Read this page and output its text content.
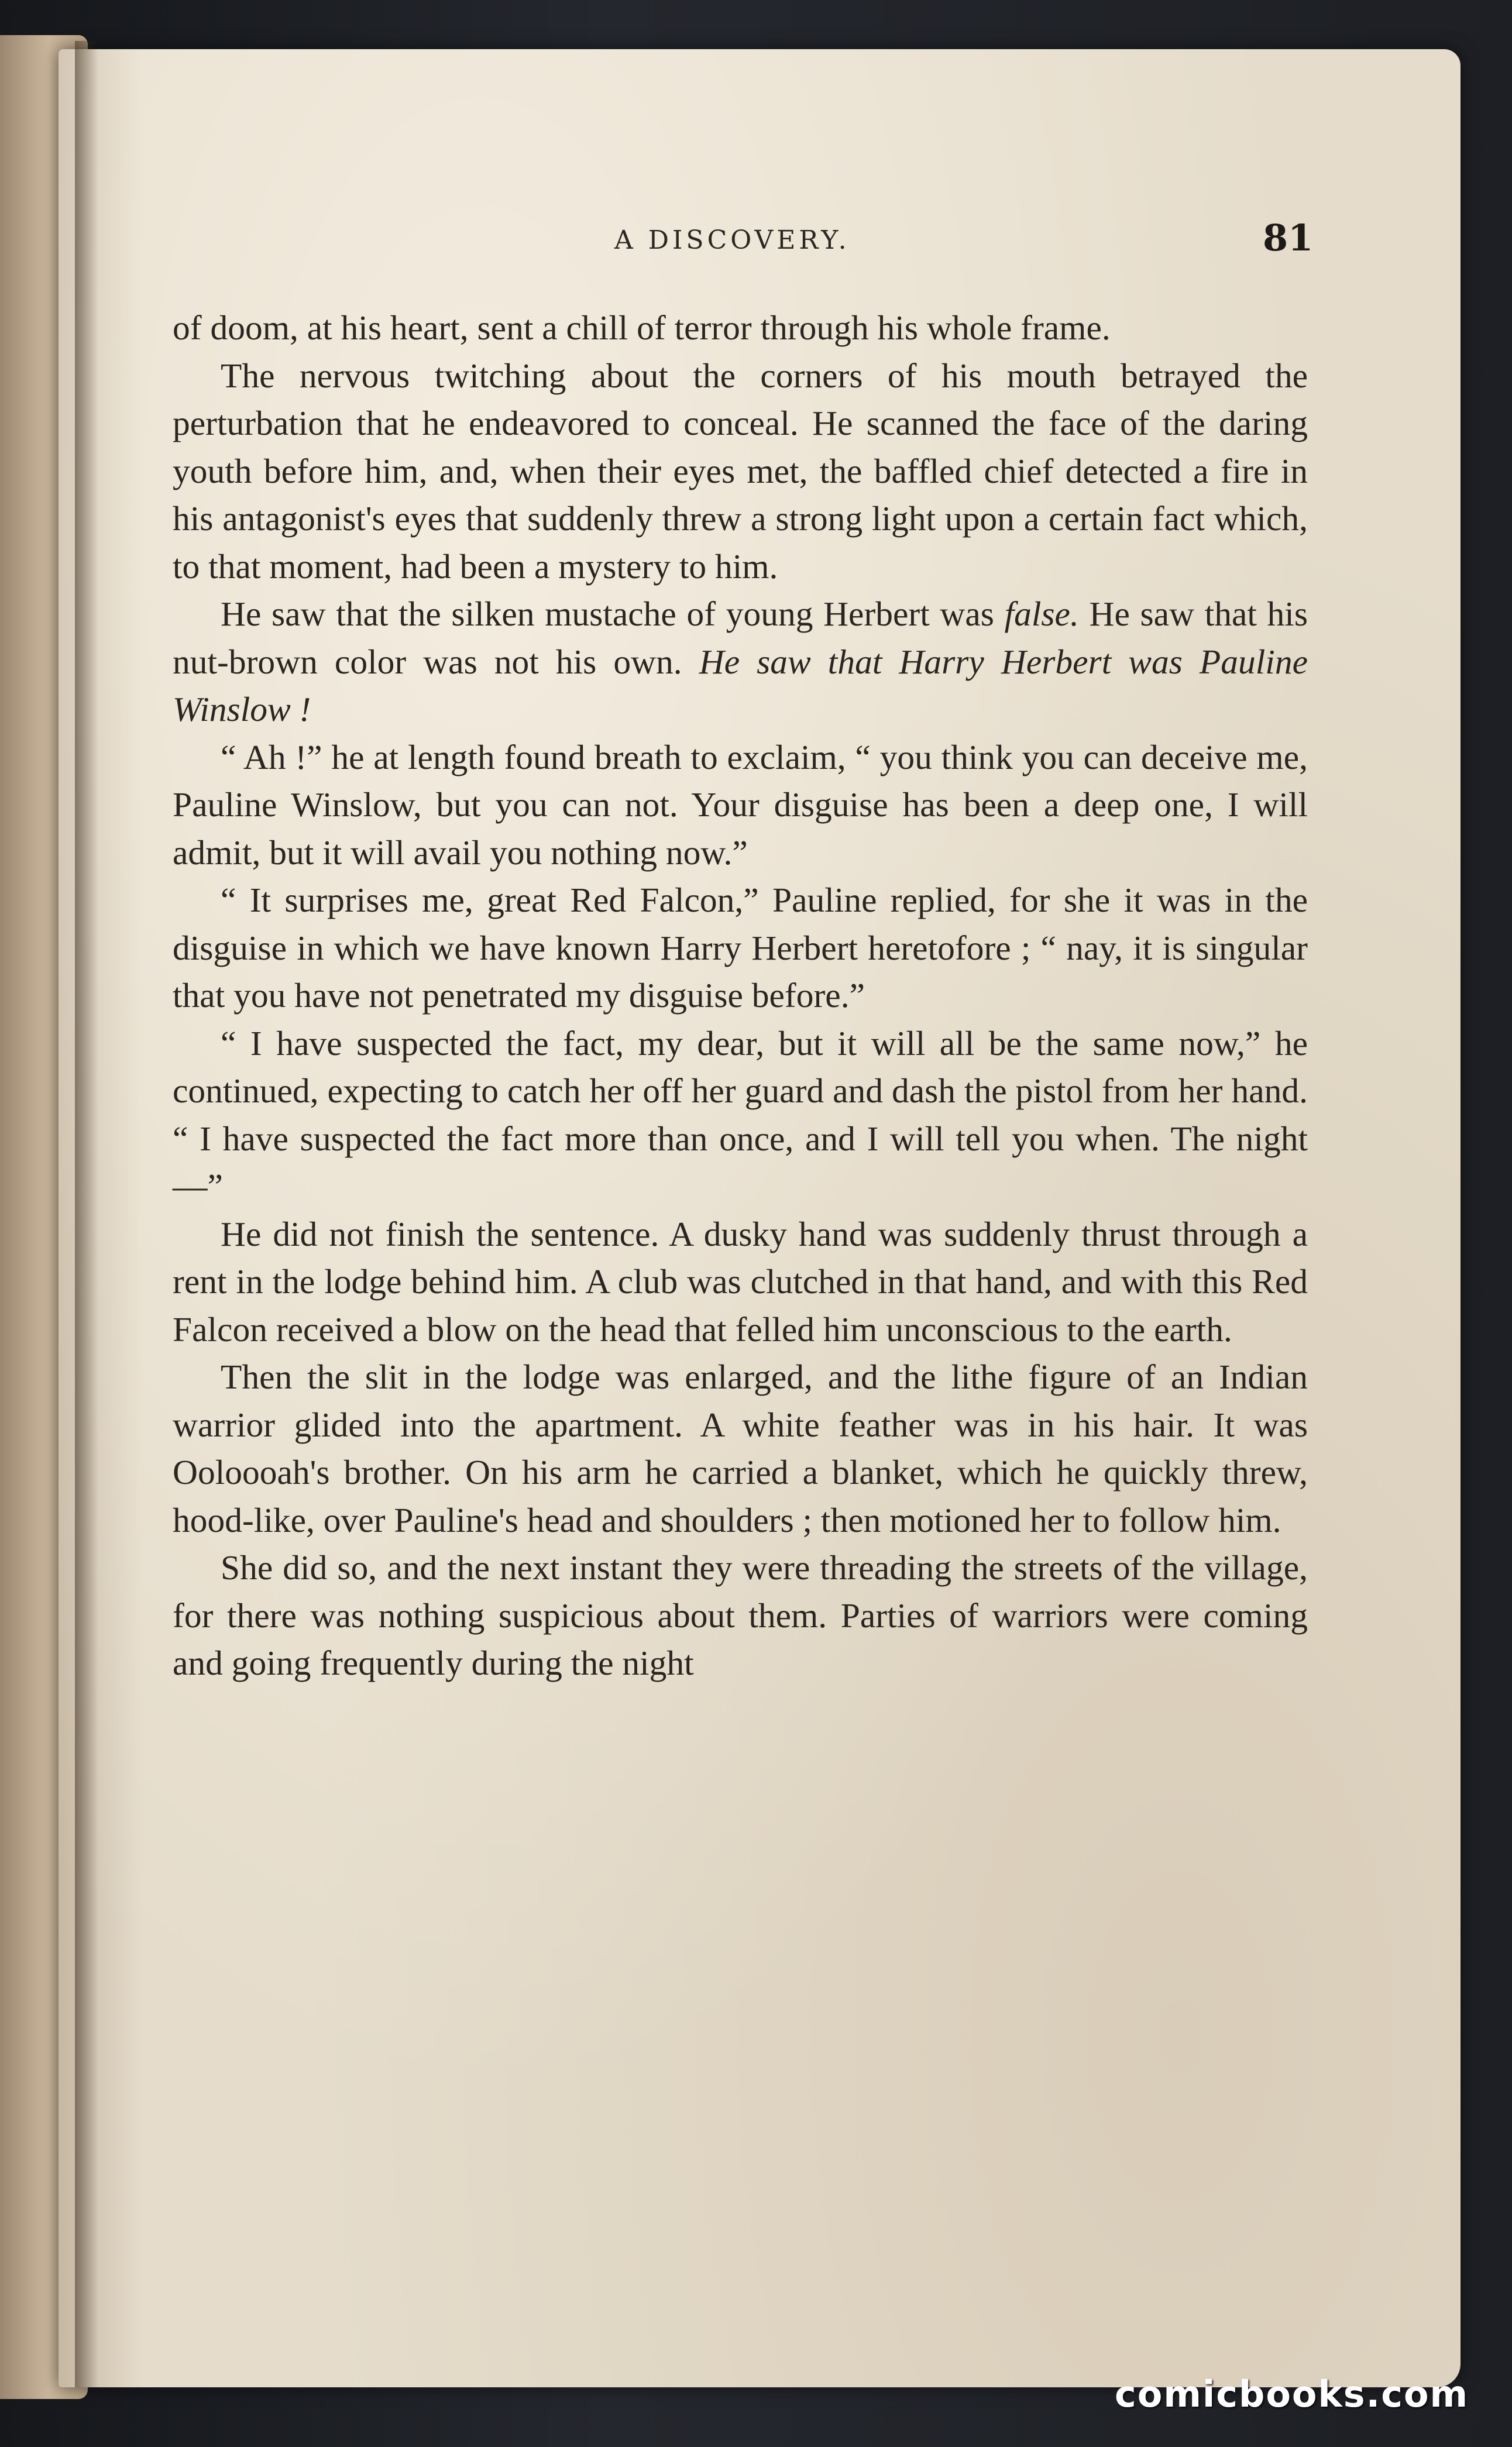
A DISCOVERY.	81

of doom, at his heart, sent a chill of terror through his whole frame.

The nervous twitching about the corners of his mouth betrayed the perturbation that he endeavored to conceal. He scanned the face of the daring youth before him, and, when their eyes met, the baffled chief detected a fire in his antagonist's eyes that suddenly threw a strong light upon a certain fact which, to that moment, had been a mystery to him.

He saw that the silken mustache of young Herbert was false. He saw that his nut-brown color was not his own. He saw that Harry Herbert was Pauline Winslow !

“ Ah !” he at length found breath to exclaim, “ you think you can deceive me, Pauline Winslow, but you can not. Your disguise has been a deep one, I will admit, but it will avail you nothing now.”

“ It surprises me, great Red Falcon,” Pauline replied, for she it was in the disguise in which we have known Harry Herbert heretofore ; “ nay, it is singular that you have not penetrated my disguise before.”

“ I have suspected the fact, my dear, but it will all be the same now,” he continued, expecting to catch her off her guard and dash the pistol from her hand. “ I have suspected the fact more than once, and I will tell you when. The night—”

He did not finish the sentence. A dusky hand was suddenly thrust through a rent in the lodge behind him. A club was clutched in that hand, and with this Red Falcon received a blow on the head that felled him unconscious to the earth.

Then the slit in the lodge was enlarged, and the lithe figure of an Indian warrior glided into the apartment. A white feather was in his hair. It was Ooloooah's brother. On his arm he carried a blanket, which he quickly threw, hood-like, over Pauline's head and shoulders ; then motioned her to follow him.

She did so, and the next instant they were threading the streets of the village, for there was nothing suspicious about them. Parties of warriors were coming and going frequently during the night

comicbooks.com
